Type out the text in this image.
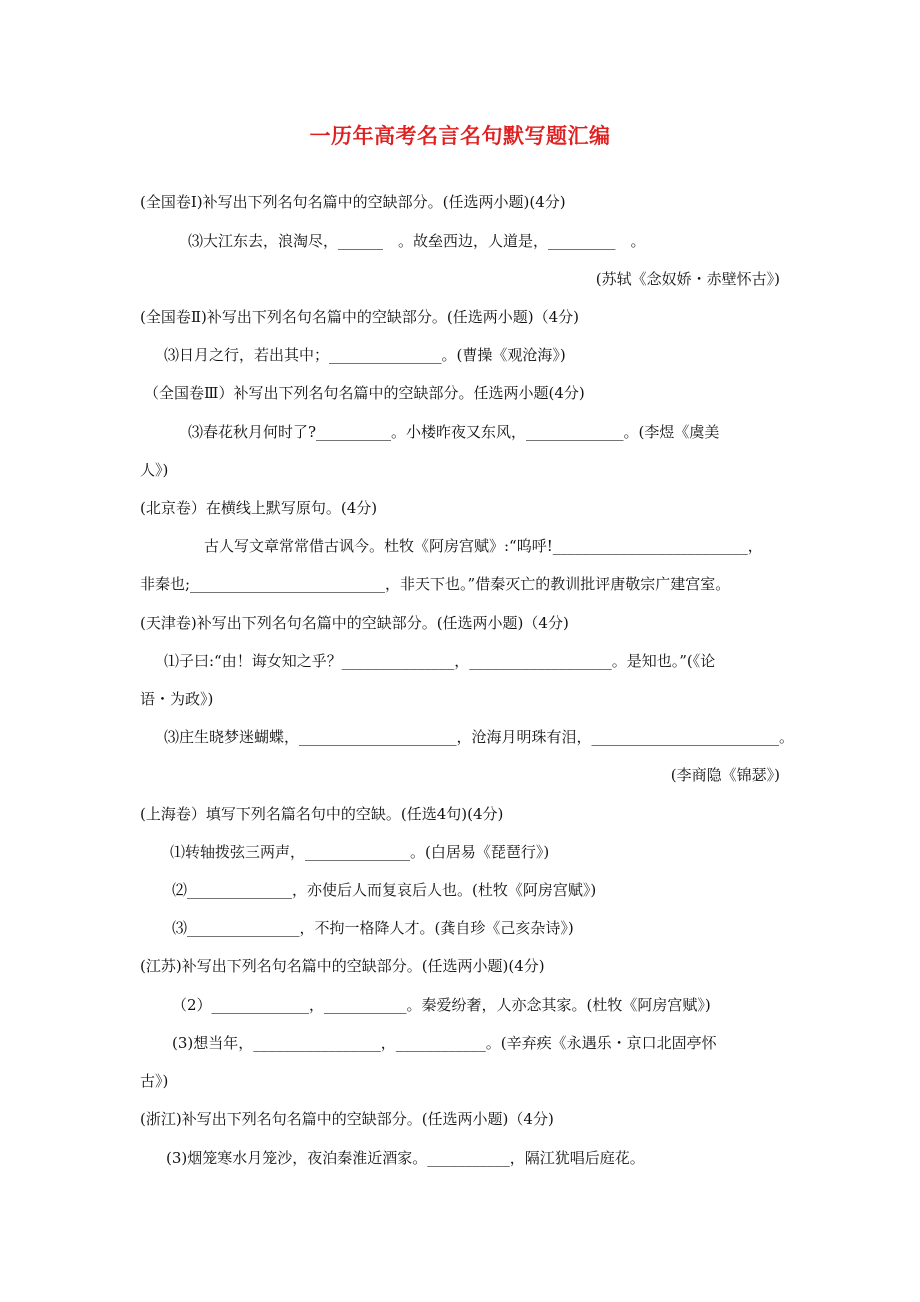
一历年高考名言名句默写题汇编
(全国卷Ⅰ)补写出下列名句名篇中的空缺部分。(任选两小题)(4分)
⑶大江东去，浪淘尽，______　。故垒西边，人道是，_________　。
(苏轼《念奴娇・赤壁怀古》)
(全国卷Ⅱ)补写出下列名句名篇中的空缺部分。(任选两小题)（4分)
⑶日月之行，若出其中；_______________。(曹操《观沧海》)
（全国卷Ⅲ）补写出下列名句名篇中的空缺部分。任选两小题(4分)
⑶春花秋月何时了?__________。小楼昨夜又东风，_____________。(李煜《虞美
人》)
(北京卷）在横线上默写原句。(4分)
古人写文章常常借古讽今。杜牧《阿房宫赋》:“呜呼!__________________________，
非秦也;__________________________，非天下也。”借秦灭亡的教训批评唐敬宗广建宫室。
(天津卷)补写出下列名句名篇中的空缺部分。(任选两小题)（4分)
⑴子曰:“由！诲女知之乎？_______________，___________________。是知也。”(《论
语・为政》)
⑶庄生晓梦迷蝴蝶，_____________________，沧海月明珠有泪，_________________________。
(李商隐《锦瑟》)
(上海卷）填写下列名篇名句中的空缺。(任选4句)(4分)
⑴转轴拨弦三两声，______________。(白居易《琵琶行》)
⑵______________，亦使后人而复哀后人也。(杜牧《阿房宫赋》)
⑶_______________，不拘一格降人才。(龚自珍《己亥杂诗》)
(江苏)补写出下列名句名篇中的空缺部分。(任选两小题)(4分)
（2）_____________，___________。秦爱纷奢，人亦念其家。(杜牧《阿房宫赋》)
(3)想当年，_________________，____________。(辛弃疾《永遇乐・京口北固亭怀
古》)
(浙江)补写出下列名句名篇中的空缺部分。(任选两小题)（4分)
(3)烟笼寒水月笼沙，夜泊秦淮近酒家。___________，隔江犹唱后庭花。
